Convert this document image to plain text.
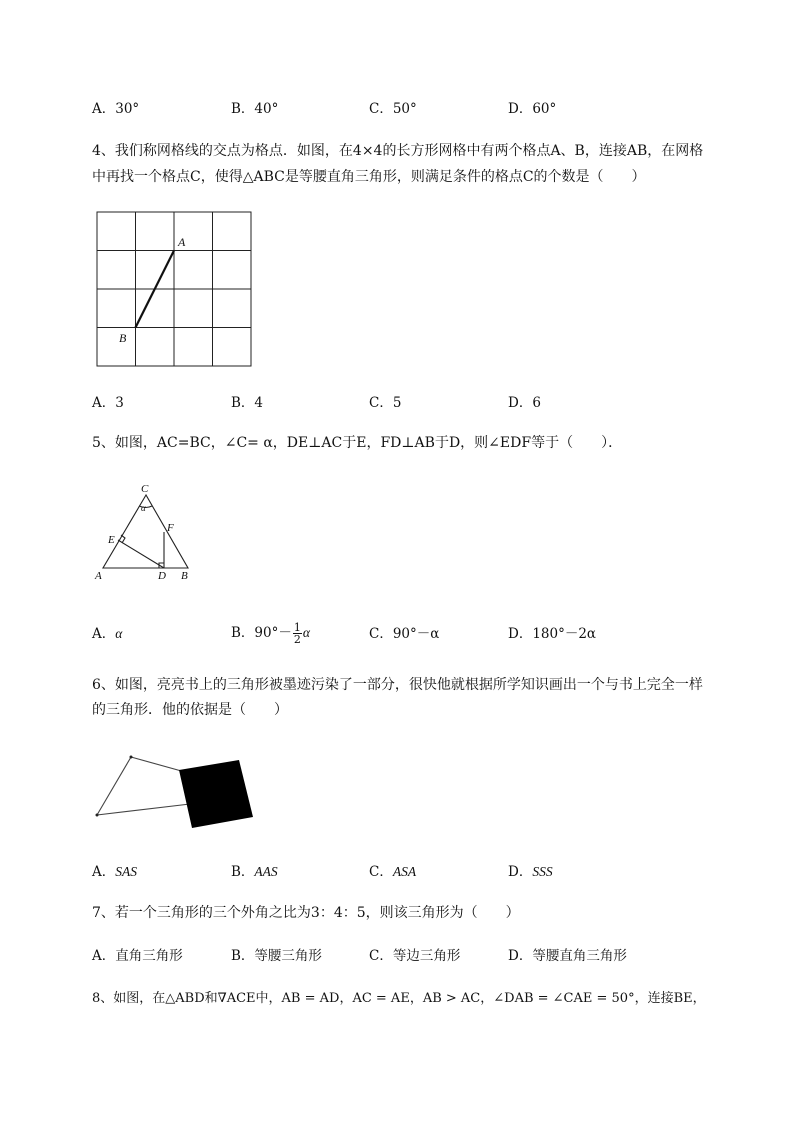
A．30°	B．40°	C．50°	D．60°
4、我们称网格线的交点为格点．如图，在4×4的长方形网格中有两个格点A、B，连接AB，在网格
中再找一个格点C，使得△ABC是等腰直角三角形，则满足条件的格点C的个数是（　　）
A
B
A．3	B．4	C．5	D．6
5、如图，AC=BC，∠C= α，DE⊥AC于E，FD⊥AB于D，则∠EDF等于（　　）．
C
α
F
E
A	D B
A．α	B．$90^\circ- \frac{1}{2}$ α	C．90°－α	D．180°－2α
6、如图，亮亮书上的三角形被墨迹污染了一部分，很快他就根据所学知识画出一个与书上完全一样
的三角形．他的依据是（　　）
A．SAS	B．AAS	C．ASA	D．SSS
7、若一个三角形的三个外角之比为3：4：5，则该三角形为（　　）
A．直角三角形	B．等腰三角形	C．等边三角形	D．等腰直角三角形
8、如图，在△ABD和∇ACE中，AB = AD，AC = AE，AB > AC，∠DAB = ∠CAE = 50°，连接BE，
